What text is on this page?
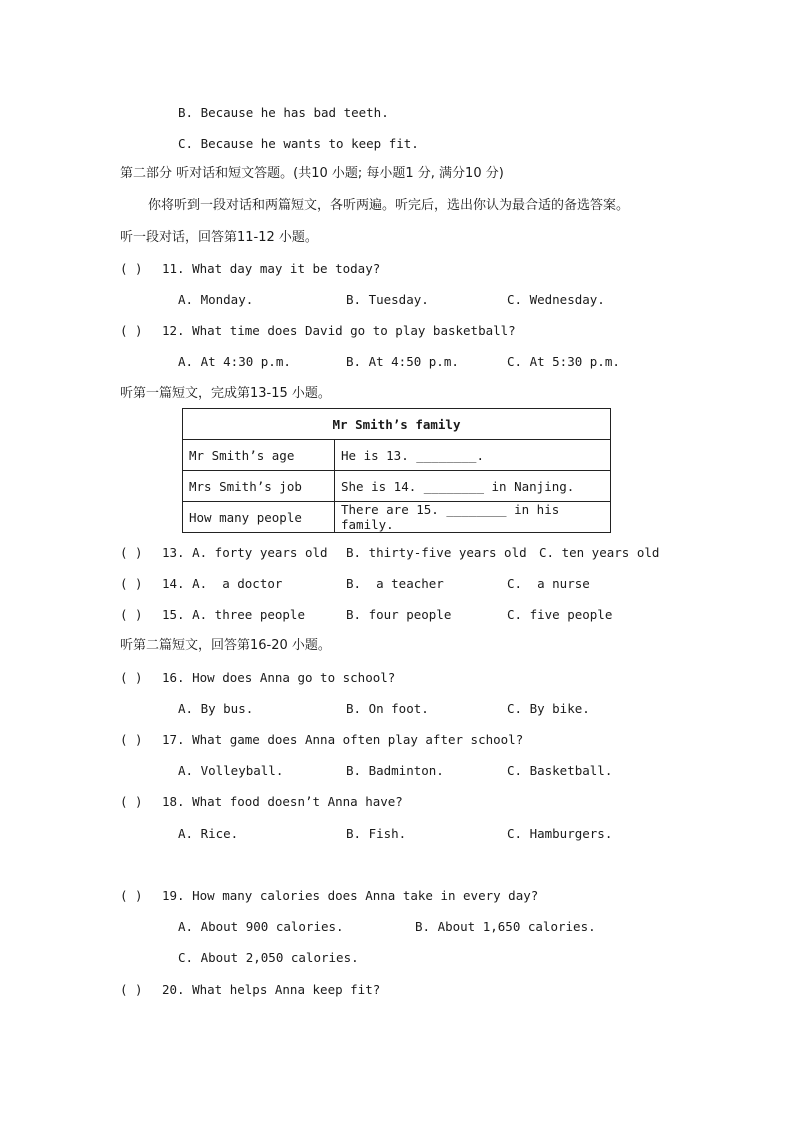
B. Because he has bad teeth.
C. Because he wants to keep fit.
第二部分 听对话和短文答题。(共10 小题; 每小题1 分, 满分10 分)
你将听到一段对话和两篇短文，各听两遍。听完后，选出你认为最合适的备选答案。
听一段对话，回答第11-12 小题。
( ) 11. What day may it be today?
A. Monday.	B. Tuesday.	C. Wednesday.
( ) 12. What time does David go to play basketball?
A. At 4:30 p.m.	B. At 4:50 p.m.	C. At 5:30 p.m.
听第一篇短文，完成第13-15 小题。
Mr Smith’s family	
Mr Smith’s age	He is 13. ________.
Mrs Smith’s job	She is 14. ________ in Nanjing.
How many people	There are 15. ________ in his family.
( ) 13. A. forty years old B. thirty-five years old C. ten years old
( ) 14. A.  a doctor	B.  a teacher	C.  a nurse
( ) 15. A. three people	B. four people	C. five people
听第二篇短文，回答第16-20 小题。
( ) 16. How does Anna go to school?
A. By bus.	B. On foot.	C. By bike.
( ) 17. What game does Anna often play after school?
A. Volleyball.	B. Badminton.	C. Basketball.
( ) 18. What food doesn’t Anna have?
A. Rice.	B. Fish.	C. Hamburgers.
( ) 19. How many calories does Anna take in every day?
A. About 900 calories.	B. About 1,650 calories.
C. About 2,050 calories.
( ) 20. What helps Anna keep fit?
